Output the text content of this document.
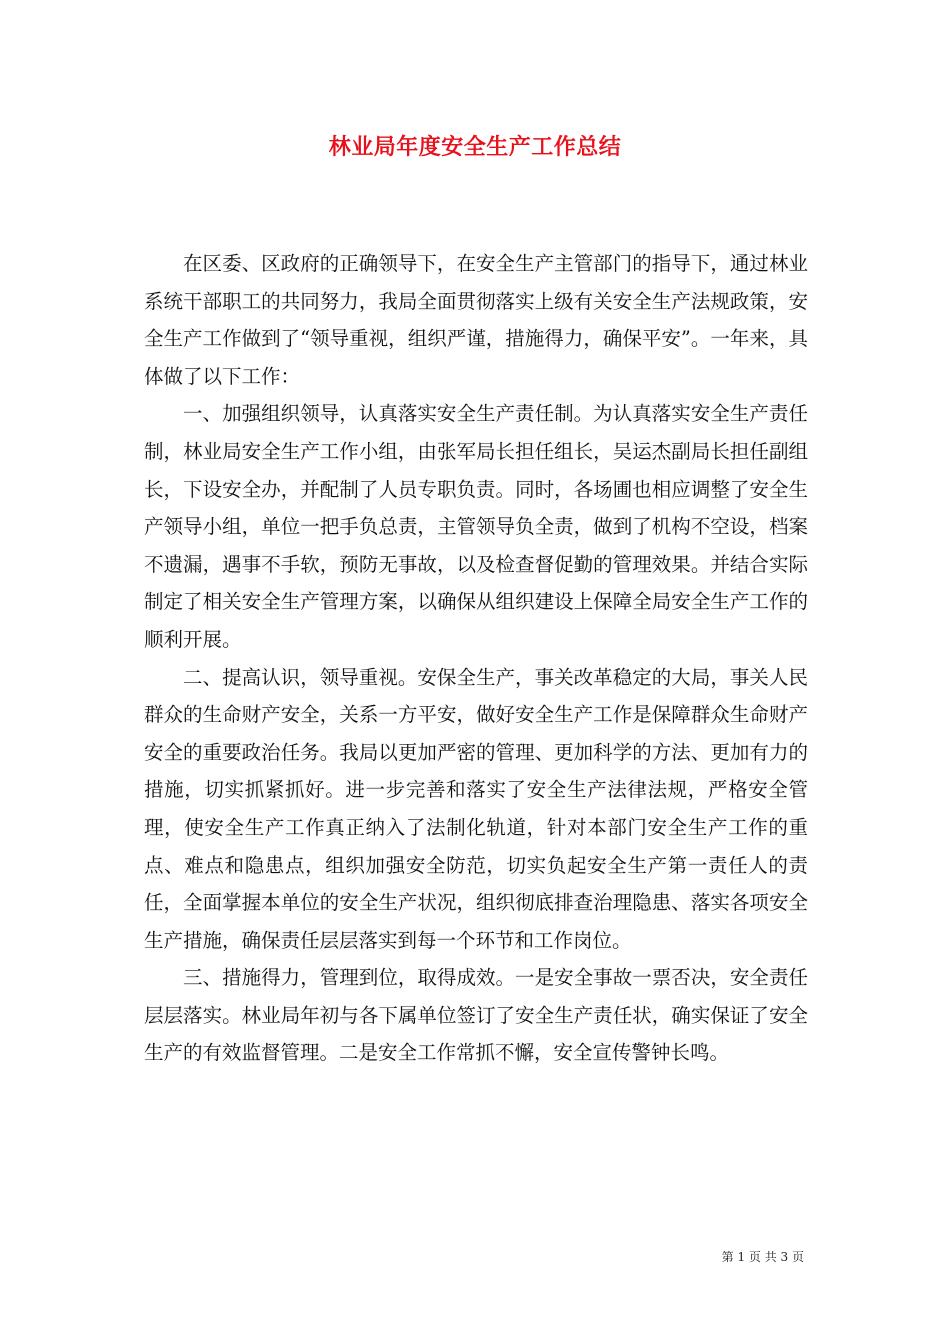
林业局年度安全生产工作总结

在区委、区政府的正确领导下，在安全生产主管部门的指导下，通过林业系统干部职工的共同努力，我局全面贯彻落实上级有关安全生产法规政策，安全生产工作做到了“领导重视，组织严谨，措施得力，确保平安”。一年来，具体做了以下工作：

一、加强组织领导，认真落实安全生产责任制。为认真落实安全生产责任制，林业局安全生产工作小组，由张军局长担任组长，吴运杰副局长担任副组长，下设安全办，并配制了人员专职负责。同时，各场圃也相应调整了安全生产领导小组，单位一把手负总责，主管领导负全责，做到了机构不空设，档案不遗漏，遇事不手软，预防无事故，以及检查督促勤的管理效果。并结合实际制定了相关安全生产管理方案，以确保从组织建设上保障全局安全生产工作的顺利开展。

二、提高认识，领导重视。安保全生产，事关改革稳定的大局，事关人民群众的生命财产安全，关系一方平安，做好安全生产工作是保障群众生命财产安全的重要政治任务。我局以更加严密的管理、更加科学的方法、更加有力的措施，切实抓紧抓好。进一步完善和落实了安全生产法律法规，严格安全管理，使安全生产工作真正纳入了法制化轨道，针对本部门安全生产工作的重点、难点和隐患点，组织加强安全防范，切实负起安全生产第一责任人的责任，全面掌握本单位的安全生产状况，组织彻底排查治理隐患、落实各项安全生产措施，确保责任层层落实到每一个环节和工作岗位。

三、措施得力，管理到位，取得成效。一是安全事故一票否决，安全责任层层落实。林业局年初与各下属单位签订了安全生产责任状，确实保证了安全生产的有效监督管理。二是安全工作常抓不懈，安全宣传警钟长鸣。

第 1 页 共 3 页
